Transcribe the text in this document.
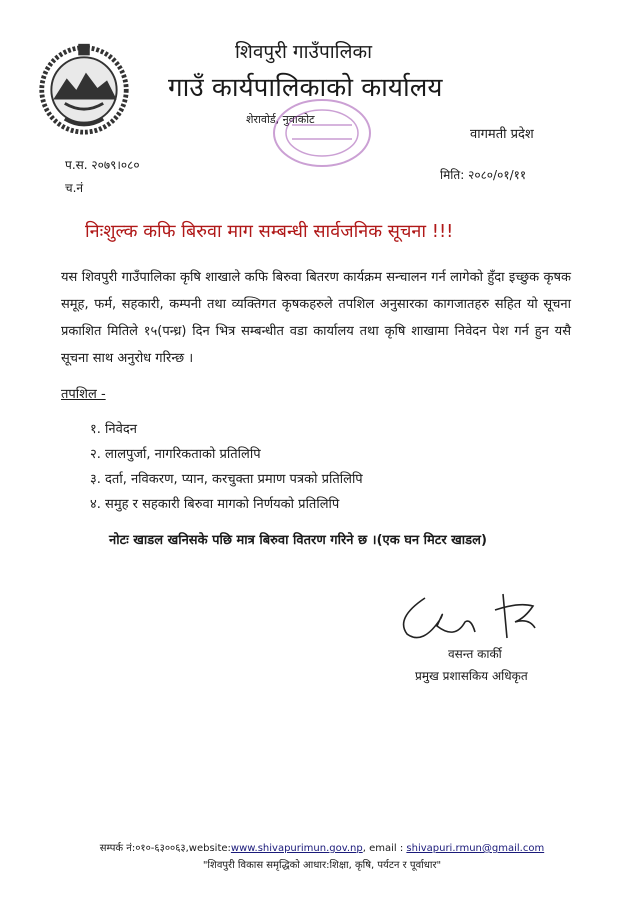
शिवपुरी गाउँपालिका
गाउँ कार्यपालिकाको कार्यालय
शेरावोर्ड, नुवाकोट
वागमती प्रदेश
प.स. २०७९।०८०
च.नं
मिति: २०८०/०१/११
निःशुल्क कफि बिरुवा माग सम्बन्धी सार्वजनिक सूचना !!!

यस शिवपुरी गाउँपालिका कृषि शाखाले कफि बिरुवा बितरण कार्यक्रम सन्चालन गर्न लागेको हुँदा इच्छुक कृषक समूह, फर्म, सहकारी, कम्पनी तथा व्यक्तिगत कृषकहरुले तपशिल अनुसारका कागजातहरु सहित यो सूचना प्रकाशित मितिले १५(पन्ध्र) दिन भित्र सम्बन्धीत वडा कार्यालय तथा कृषि शाखामा निवेदन पेश गर्न हुन यसै सूचना साथ अनुरोध गरिन्छ ।

तपशिल -
१. निवेदन
२. लालपुर्जा, नागरिकताको प्रतिलिपि
३. दर्ता, नविकरण, प्यान, करचुक्ता प्रमाण पत्रको प्रतिलिपि
४. समुह र सहकारी बिरुवा मागको निर्णयको प्रतिलिपि
नोटः खाडल खनिसके पछि मात्र बिरुवा वितरण गरिने छ ।(एक घन मिटर खाडल)
वसन्त कार्की
प्रमुख प्रशासकिय अधिकृत
सम्पर्क नं:०१०-६३००६३,website:www.shivapurimun.gov.np, email : shivapuri.rmun@gmail.com
"शिवपुरी विकास समृद्धिको आधार:शिक्षा, कृषि, पर्यटन र पूर्वाधार"
